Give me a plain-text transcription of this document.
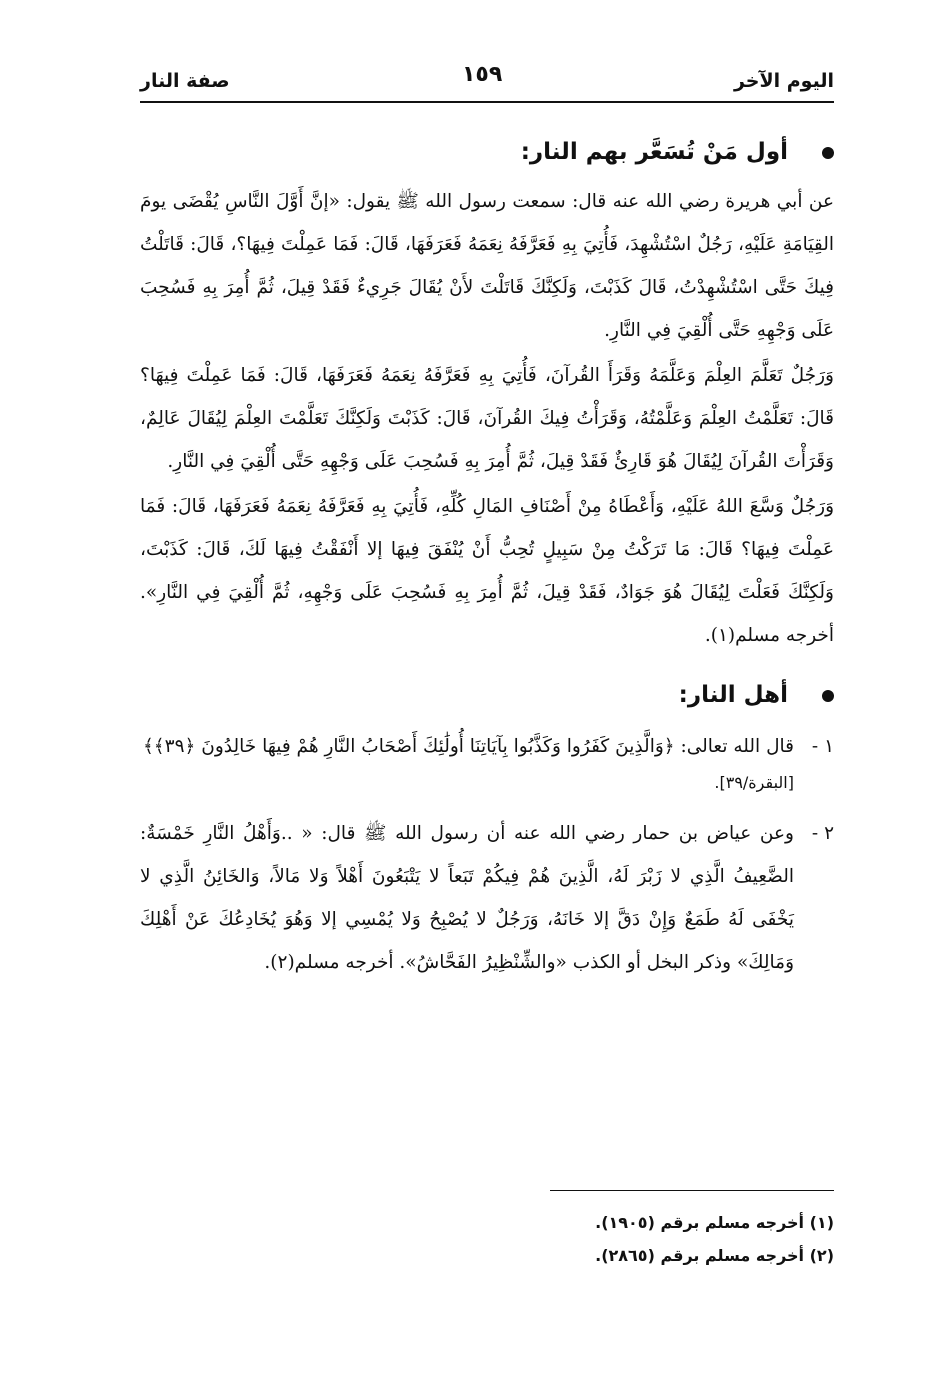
اليوم الآخر
١٥٩
صفة النار
أول مَنْ تُسَعَّر بهم النار:

عن أبي هريرة رضي الله عنه قال: سمعت رسول الله ﷺ يقول: «إنَّ أَوَّلَ النَّاسِ يُقْضَى يومَ القِيَامَةِ عَلَيْهِ، رَجُلٌ اسْتُشْهِدَ، فَأُتِيَ بِهِ فَعَرَّفَهُ نِعَمَهُ فَعَرَفَهَا، قَالَ: فَمَا عَمِلْتَ فِيهَا؟، قَالَ: قَاتَلْتُ فِيكَ حَتَّى اسْتُشْهِدْتُ، قَالَ كَذَبْتَ، وَلَكِنَّكَ قَاتَلْتَ لأَنْ يُقَالَ جَرِيءٌ فَقَدْ قِيلَ، ثُمَّ أُمِرَ بِهِ فَسُحِبَ عَلَى وَجْهِهِ حَتَّى أُلْقِيَ فِي النَّارِ.

وَرَجُلٌ تَعَلَّمَ العِلْمَ وَعَلَّمَهُ وَقَرَأَ القُرآنَ، فَأُتِيَ بِهِ فَعَرَّفَهُ نِعَمَهُ فَعَرَفَهَا، قَالَ: فَمَا عَمِلْتَ فِيهَا؟ قَالَ: تَعَلَّمْتُ العِلْمَ وَعَلَّمْتُهُ، وَقَرَأْتُ فِيكَ القُرآنَ، قَالَ: كَذَبْتَ وَلَكِنَّكَ تَعَلَّمْتَ العِلْمَ لِيُقَالَ عَالِمٌ، وَقَرَأْتَ القُرآنَ لِيُقَالَ هُوَ قَارِئٌ فَقَدْ قِيلَ، ثُمَّ أُمِرَ بِهِ فَسُحِبَ عَلَى وَجْهِهِ حَتَّى أُلْقِيَ فِي النَّارِ.

وَرَجُلٌ وَسَّعَ اللهُ عَلَيْهِ، وَأَعْطَاهُ مِنْ أَصْنَافِ المَالِ كُلِّهِ، فَأُتِيَ بِهِ فَعَرَّفَهُ نِعَمَهُ فَعَرَفَهَا، قَالَ: فَمَا عَمِلْتَ فِيهَا؟ قَالَ: مَا تَرَكْتُ مِنْ سَبِيلٍ تُحِبُّ أَنْ يُنْفَقَ فِيهَا إلا أَنْفَقْتُ فِيهَا لَكَ، قَالَ: كَذَبْتَ، وَلَكِنَّكَ فَعَلْتَ لِيُقَالَ هُوَ جَوَادٌ، فَقَدْ قِيلَ، ثُمَّ أُمِرَ بِهِ فَسُحِبَ عَلَى وَجْهِهِ، ثُمَّ أُلْقِيَ فِي النَّارِ». أخرجه مسلم(١).

أهل النار:
١ -

قال الله تعالى: ﴿وَالَّذِينَ كَفَرُوا وَكَذَّبُوا بِآيَاتِنَا أُولَٰئِكَ أَصْحَابُ النَّارِ هُمْ فِيهَا خَالِدُونَ ﴿٣٩﴾﴾

[البقرة/٣٩].

٢ -

وعن عياض بن حمار رضي الله عنه أن رسول الله ﷺ قال: « ..وَأَهْلُ النَّارِ خَمْسَةٌ: الضَّعِيفُ الَّذِي لا زَبْرَ لَهُ، الَّذِينَ هُمْ فِيكُمْ تَبَعاً لا يَتْبَعُونَ أَهْلاً وَلا مَالاً، وَالخَائِنُ الَّذِي لا يَخْفَى لَهُ طَمَعٌ وَإِنْ دَقَّ إلا خَانَهُ، وَرَجُلٌ لا يُصْبِحُ وَلا يُمْسِي إلا وَهُوَ يُخَادِعُكَ عَنْ أَهْلِكَ وَمَالِكَ» وذكر البخل أو الكذب «والشِّنْظِيرُ الفَحَّاشُ». أخرجه مسلم(٢).

(١) أخرجه مسلم برقم (١٩٠٥).

(٢) أخرجه مسلم برقم (٢٨٦٥).
